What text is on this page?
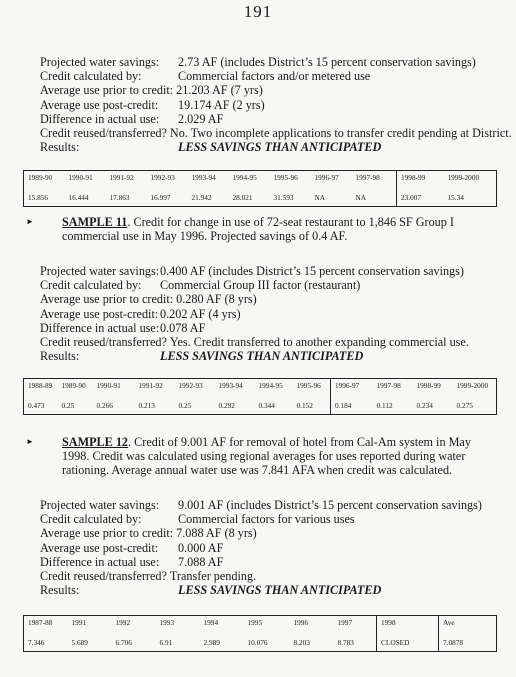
191
Projected water savings:	2.73 AF (includes District’s 15 percent conservation savings)
Credit calculated by:	Commercial factors and/or metered use
Average use prior to credit: 21.203 AF (7 yrs)
Average use post-credit:	19.174 AF (2 yrs)
Difference in actual use:	2.029 AF
Credit reused/transferred? No. Two incomplete applications to transfer credit pending at District.
Results:	LESS SAVINGS THAN ANTICIPATED
1989-90	1990-91	1991-92	1992-93	1993-94	1994-95	1995-96	1996-97	1997-98	1998-99	1999-2000
15.856	16.444	17.863	16.997	21.942	28.021	31.593	NA	NA	23.007	15.34
►	SAMPLE 11. Credit for change in use of 72-seat restaurant to 1,846 SF Group I commercial use in May 1996. Projected savings of 0.4 AF.

Projected water savings: 0.400 AF (includes District’s 15 percent conservation savings)
Credit calculated by:	Commercial Group III factor (restaurant)
Average use prior to credit: 0.280 AF (8 yrs)
Average use post-credit: 0.202 AF (4 yrs)
Difference in actual use: 0.078 AF
Credit reused/transferred? Yes. Credit transferred to another expanding commercial use.
Results:	LESS SAVINGS THAN ANTICIPATED
1988-89	1989-90	1990-91	1991-92	1992-93	1993-94	1994-95	1995-96	1996-97	1997-98	1998-99	1999-2000
0.473	0.25	0.266	0.213	0.25	0.292	0.344	0.152	0.184	0.112	0.234	0.275
►	SAMPLE 12. Credit of 9.001 AF for removal of hotel from Cal-Am system in May 1998. Credit was calculated using regional averages for uses reported during water rationing. Average annual water use was 7.841 AFA when credit was calculated.

Projected water savings:	9.001 AF (includes District’s 15 percent conservation savings)
Credit calculated by:	Commercial factors for various uses
Average use prior to credit: 7.088 AF (8 yrs)
Average use post-credit:	0.000 AF
Difference in actual use:	7.088 AF
Credit reused/transferred? Transfer pending.
Results:	LESS SAVINGS THAN ANTICIPATED
1987-88	1991	1992	1993	1994	1995	1996	1997	1998	Ave
7.346	5.689	6.706	6.91	2.989	10.076	8.203	8.783	CLOSED	7.0878
